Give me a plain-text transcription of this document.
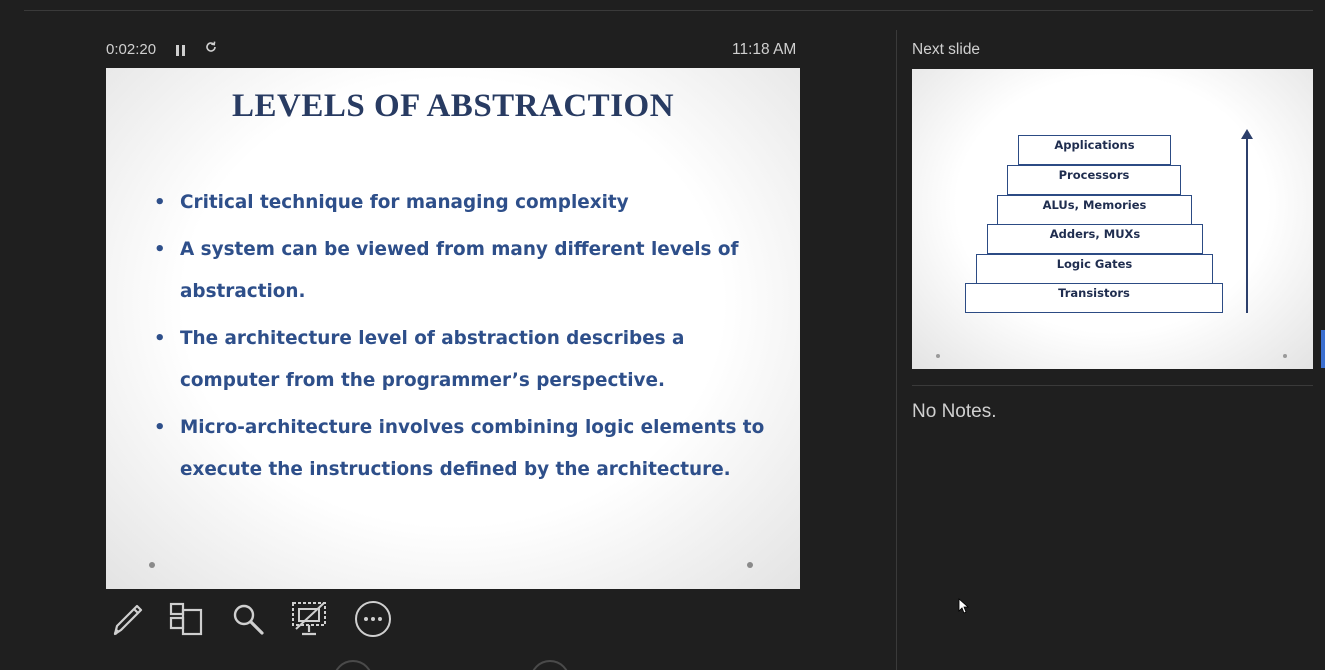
0:02:20	11:18 AM
LEVELS OF ABSTRACTION
• Critical technique for managing complexity
• A system can be viewed from many different levels of abstraction.
• The architecture level of abstraction describes a computer from the programmer’s perspective.
• Micro-architecture involves combining logic elements to execute the instructions defined by the architecture.
Next slide
Applications
Processors
ALUs, Memories
Adders, MUXs
Logic Gates
Transistors
No Notes.
